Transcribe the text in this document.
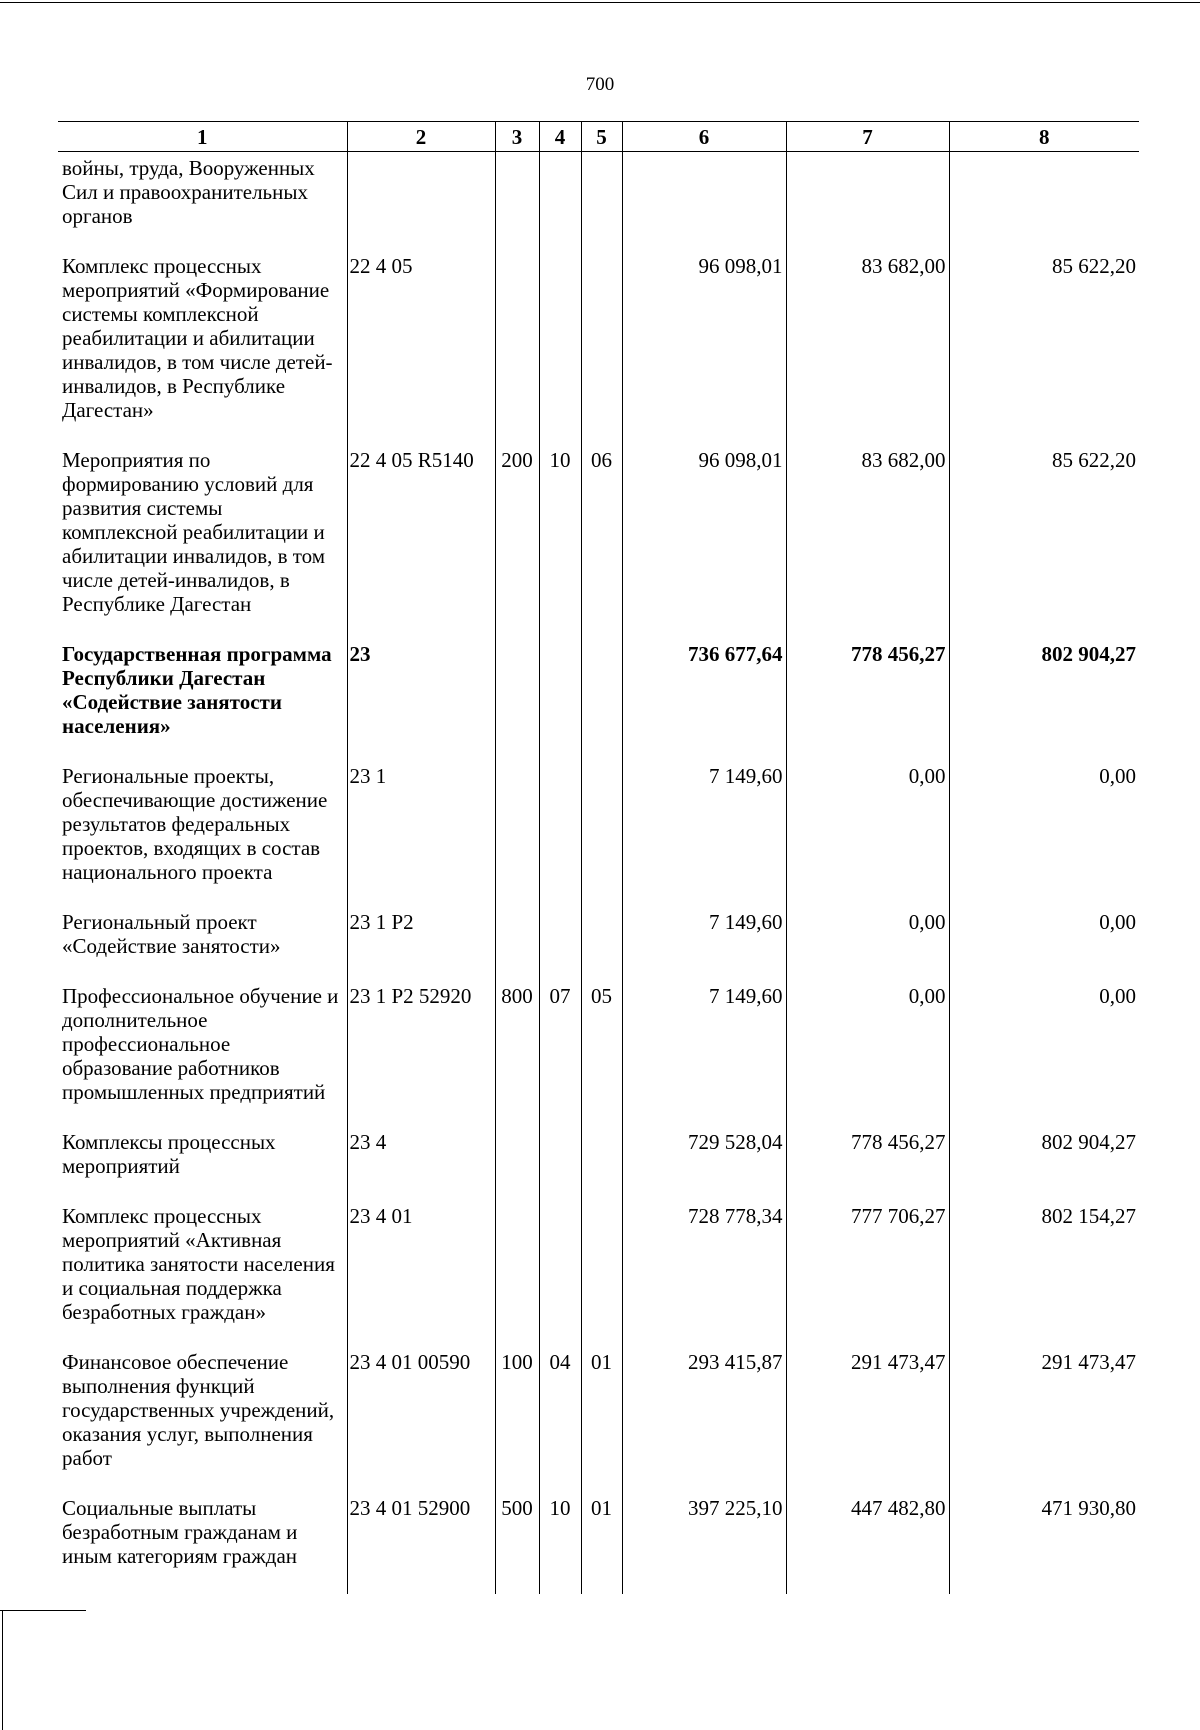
700
1	2	3	4	5	6	7	8
войны, труда, Вооруженных Сил и правоохранительных органов							
Комплекс процессных мероприятий «Формирование системы комплексной реабилитации и абилитации инвалидов, в том числе детей-инвалидов, в Республике Дагестан»	22 4 05				96 098,01	83 682,00	85 622,20
Мероприятия по формированию условий для развития системы комплексной реабилитации и абилитации инвалидов, в том числе детей-инвалидов, в Республике Дагестан	22 4 05 R5140	200	10	06	96 098,01	83 682,00	85 622,20
Государственная программа Республики Дагестан «Содействие занятости населения»	23				736 677,64	778 456,27	802 904,27
Региональные проекты, обеспечивающие достижение результатов федеральных проектов, входящих в состав национального проекта	23 1				7 149,60	0,00	0,00
Региональный проект «Содействие занятости»	23 1 P2				7 149,60	0,00	0,00
Профессиональное обучение и дополнительное профессиональное образование работников промышленных предприятий	23 1 P2 52920	800	07	05	7 149,60	0,00	0,00
Комплексы процессных мероприятий	23 4				729 528,04	778 456,27	802 904,27
Комплекс процессных мероприятий «Активная политика занятости населения и социальная поддержка безработных граждан»	23 4 01				728 778,34	777 706,27	802 154,27
Финансовое обеспечение выполнения функций государственных учреждений, оказания услуг, выполнения работ	23 4 01 00590	100	04	01	293 415,87	291 473,47	291 473,47
Социальные выплаты безработным гражданам и иным категориям граждан	23 4 01 52900	500	10	01	397 225,10	447 482,80	471 930,80
